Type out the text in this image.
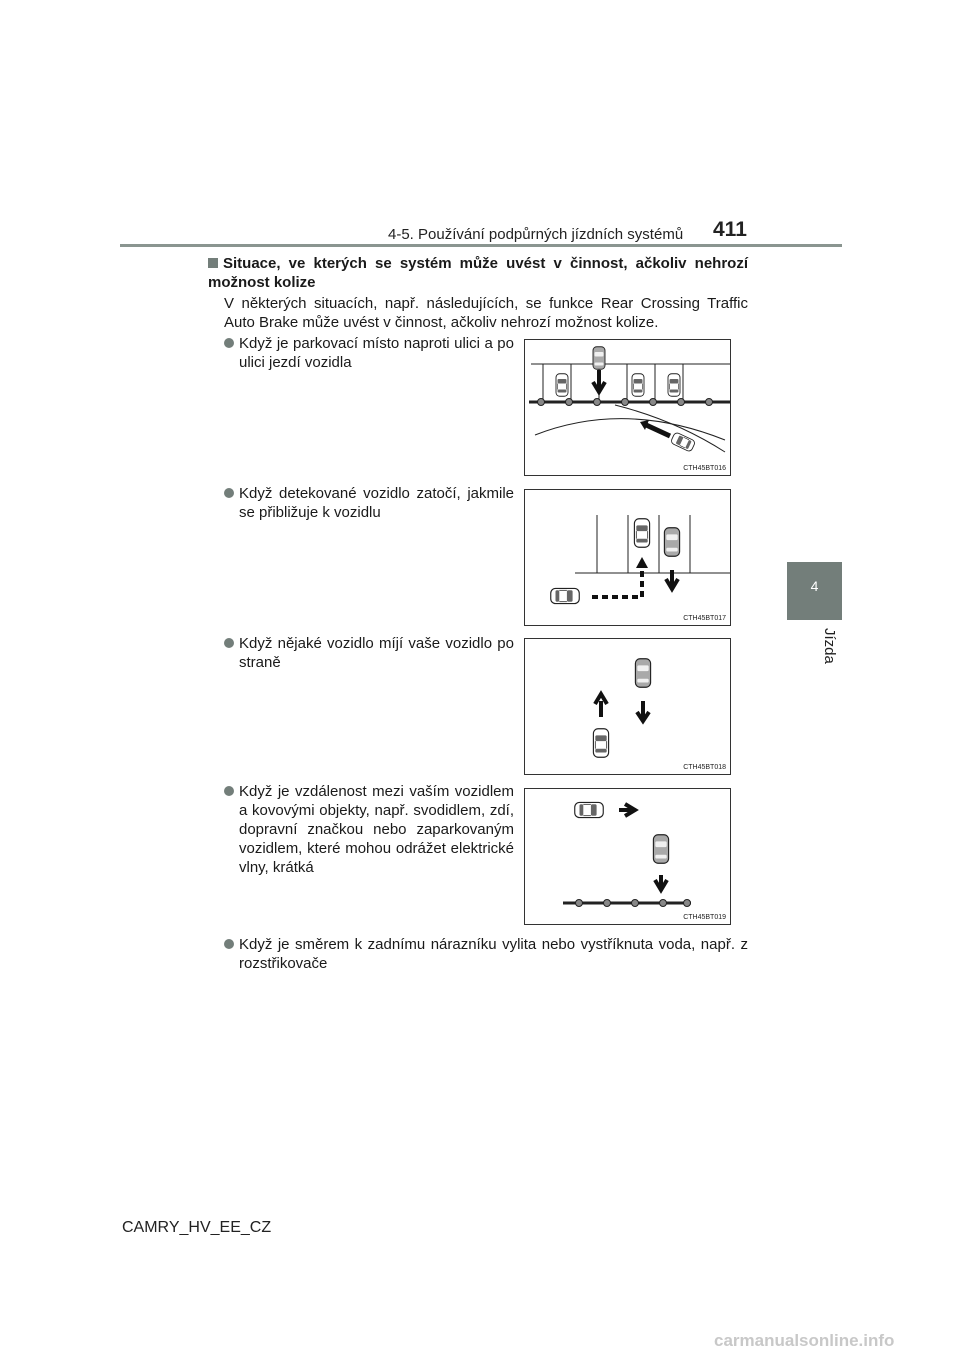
4-5. Používání podpůrných jízdních systémů 411
4
Jízda
Situace, ve kterých se systém může uvést v činnost, ačkoliv nehrozí možnost kolize
V některých situacích, např. následujících, se funkce Rear Crossing Traffic Auto Brake může uvést v činnost, ačkoliv nehrozí možnost kolize.
Když je parkovací místo naproti ulici a po ulici jezdí vozidla
CTH45BT016
Když detekované vozidlo zatočí, jakmile se přibližuje k vozidlu
CTH45BT017
Když nějaké vozidlo míjí vaše vozidlo po straně
CTH45BT018
Když je vzdálenost mezi vaším vozidlem a kovovými objekty, např. svodidlem, zdí, dopravní značkou nebo zaparkovaným vozidlem, které mohou odrážet elektrické vlny, krátká
CTH45BT019
Když je směrem k zadnímu nárazníku vylita nebo vystříknuta voda, např. z rozstřikovače
CAMRY_HV_EE_CZ
carmanualsonline.info
